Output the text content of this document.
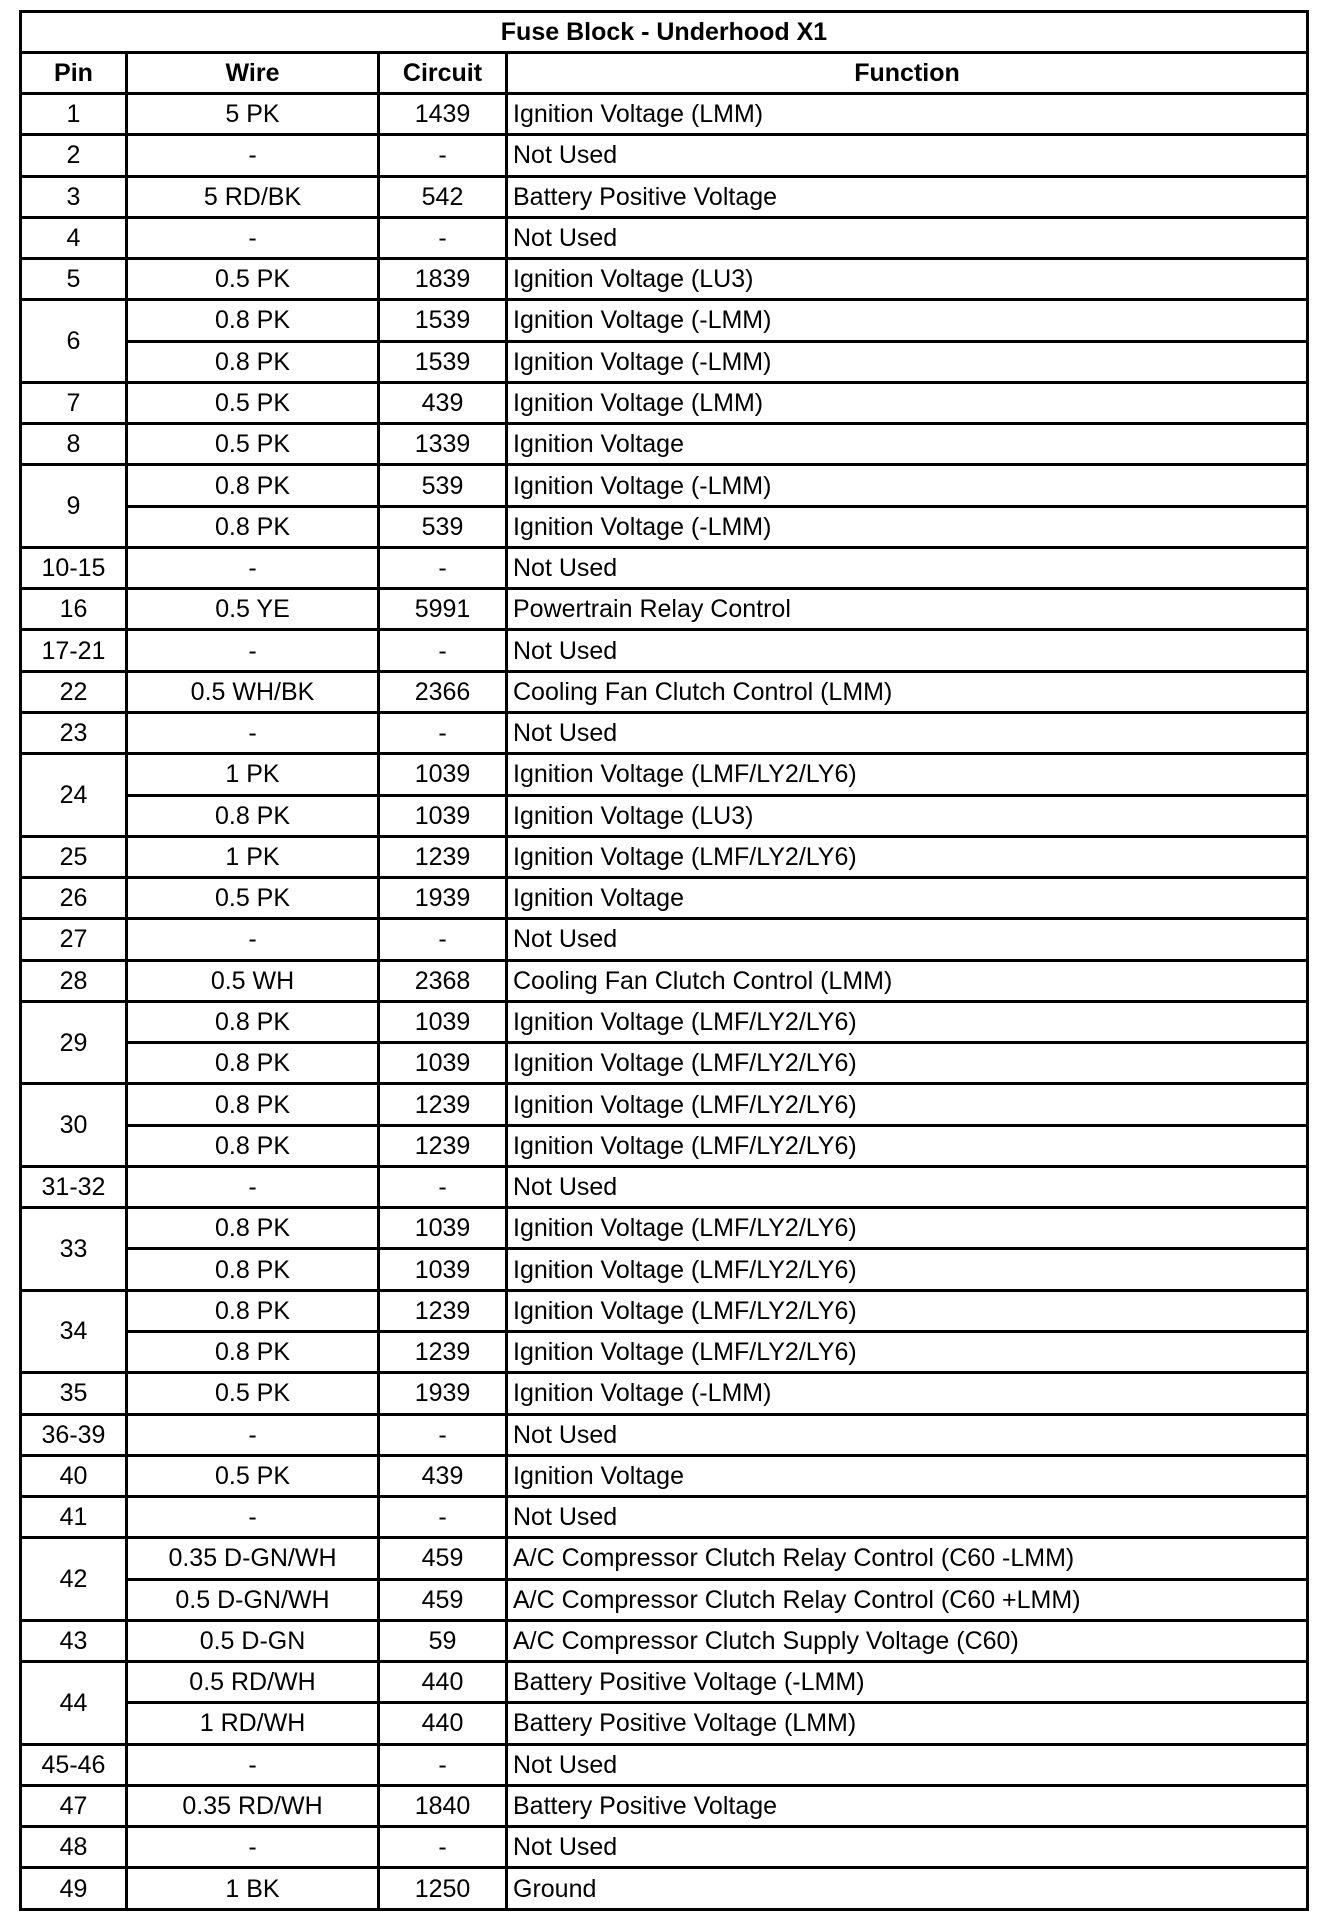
Fuse Block - Underhood X1			
Pin	Wire	Circuit	Function
1	5 PK	1439	Ignition Voltage (LMM)
2	-	-	Not Used
3	5 RD/BK	542	Battery Positive Voltage
4	-	-	Not Used
5	0.5 PK	1839	Ignition Voltage (LU3)
6	0.8 PK	1539	Ignition Voltage (-LMM)
	0.8 PK	1539	Ignition Voltage (-LMM)
7	0.5 PK	439	Ignition Voltage (LMM)
8	0.5 PK	1339	Ignition Voltage
9	0.8 PK	539	Ignition Voltage (-LMM)
	0.8 PK	539	Ignition Voltage (-LMM)
10-15	-	-	Not Used
16	0.5 YE	5991	Powertrain Relay Control
17-21	-	-	Not Used
22	0.5 WH/BK	2366	Cooling Fan Clutch Control (LMM)
23	-	-	Not Used
24	1 PK	1039	Ignition Voltage (LMF/LY2/LY6)
	0.8 PK	1039	Ignition Voltage (LU3)
25	1 PK	1239	Ignition Voltage (LMF/LY2/LY6)
26	0.5 PK	1939	Ignition Voltage
27	-	-	Not Used
28	0.5 WH	2368	Cooling Fan Clutch Control (LMM)
29	0.8 PK	1039	Ignition Voltage (LMF/LY2/LY6)
	0.8 PK	1039	Ignition Voltage (LMF/LY2/LY6)
30	0.8 PK	1239	Ignition Voltage (LMF/LY2/LY6)
	0.8 PK	1239	Ignition Voltage (LMF/LY2/LY6)
31-32	-	-	Not Used
33	0.8 PK	1039	Ignition Voltage (LMF/LY2/LY6)
	0.8 PK	1039	Ignition Voltage (LMF/LY2/LY6)
34	0.8 PK	1239	Ignition Voltage (LMF/LY2/LY6)
	0.8 PK	1239	Ignition Voltage (LMF/LY2/LY6)
35	0.5 PK	1939	Ignition Voltage (-LMM)
36-39	-	-	Not Used
40	0.5 PK	439	Ignition Voltage
41	-	-	Not Used
42	0.35 D-GN/WH	459	A/C Compressor Clutch Relay Control (C60 -LMM)
	0.5 D-GN/WH	459	A/C Compressor Clutch Relay Control (C60 +LMM)
43	0.5 D-GN	59	A/C Compressor Clutch Supply Voltage (C60)
44	0.5 RD/WH	440	Battery Positive Voltage (-LMM)
	1 RD/WH	440	Battery Positive Voltage (LMM)
45-46	-	-	Not Used
47	0.35 RD/WH	1840	Battery Positive Voltage
48	-	-	Not Used
49	1 BK	1250	Ground
